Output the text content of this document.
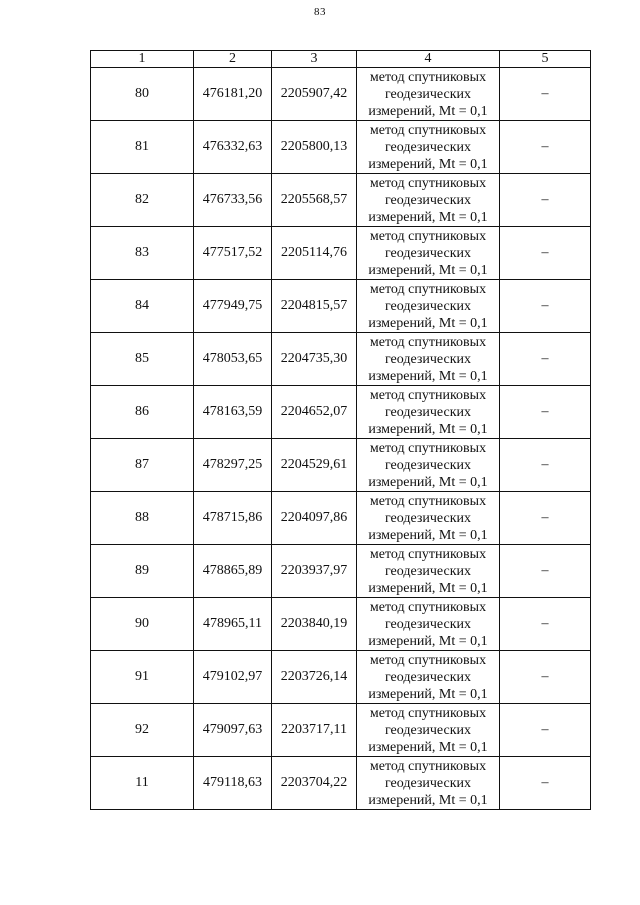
83
1	2	3	4	5
80	476181,20	2205907,42	метод спутниковых
геодезических
измерений, Mt = 0,1	–
81	476332,63	2205800,13	метод спутниковых
геодезических
измерений, Mt = 0,1	–
82	476733,56	2205568,57	метод спутниковых
геодезических
измерений, Mt = 0,1	–
83	477517,52	2205114,76	метод спутниковых
геодезических
измерений, Mt = 0,1	–
84	477949,75	2204815,57	метод спутниковых
геодезических
измерений, Mt = 0,1	–
85	478053,65	2204735,30	метод спутниковых
геодезических
измерений, Mt = 0,1	–
86	478163,59	2204652,07	метод спутниковых
геодезических
измерений, Mt = 0,1	–
87	478297,25	2204529,61	метод спутниковых
геодезических
измерений, Mt = 0,1	–
88	478715,86	2204097,86	метод спутниковых
геодезических
измерений, Mt = 0,1	–
89	478865,89	2203937,97	метод спутниковых
геодезических
измерений, Mt = 0,1	–
90	478965,11	2203840,19	метод спутниковых
геодезических
измерений, Mt = 0,1	–
91	479102,97	2203726,14	метод спутниковых
геодезических
измерений, Mt = 0,1	–
92	479097,63	2203717,11	метод спутниковых
геодезических
измерений, Mt = 0,1	–
11	479118,63	2203704,22	метод спутниковых
геодезических
измерений, Mt = 0,1	–
